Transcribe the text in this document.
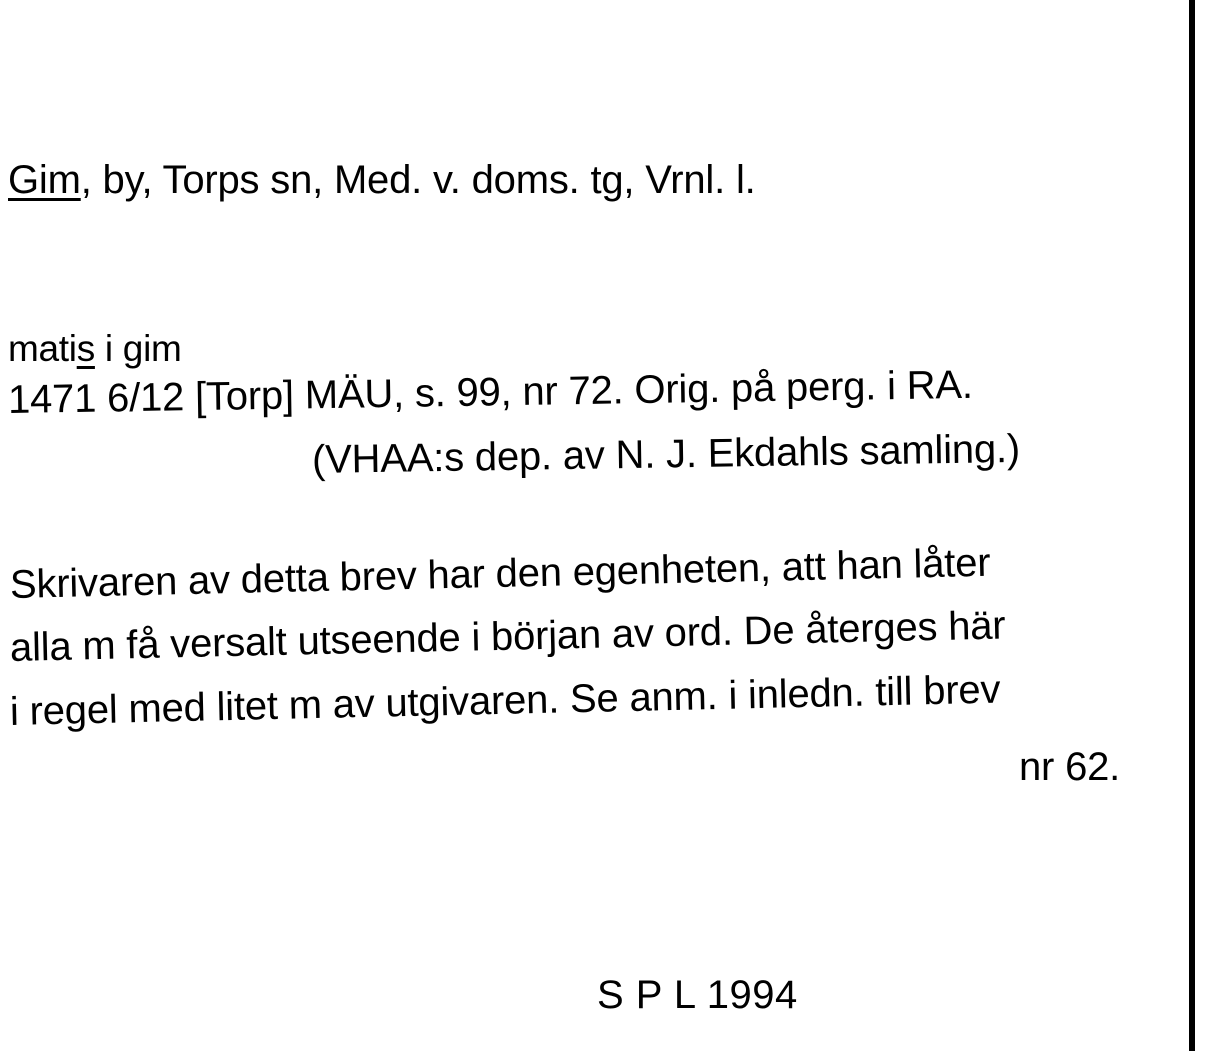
Gim, by, Torps sn, Med. v. doms. tg, Vrnl. l.
matis i gim
1471 6/12 [Torp] MÄU, s. 99, nr 72. Orig. på perg. i RA.
(VHAA:s dep. av N. J. Ekdahls samling.)
Skrivaren av detta brev har den egenheten, att han låter
alla m få versalt utseende i början av ord. De återges här
i regel med litet m av utgivaren. Se anm. i inledn. till brev
nr 62.
S P L 1994
